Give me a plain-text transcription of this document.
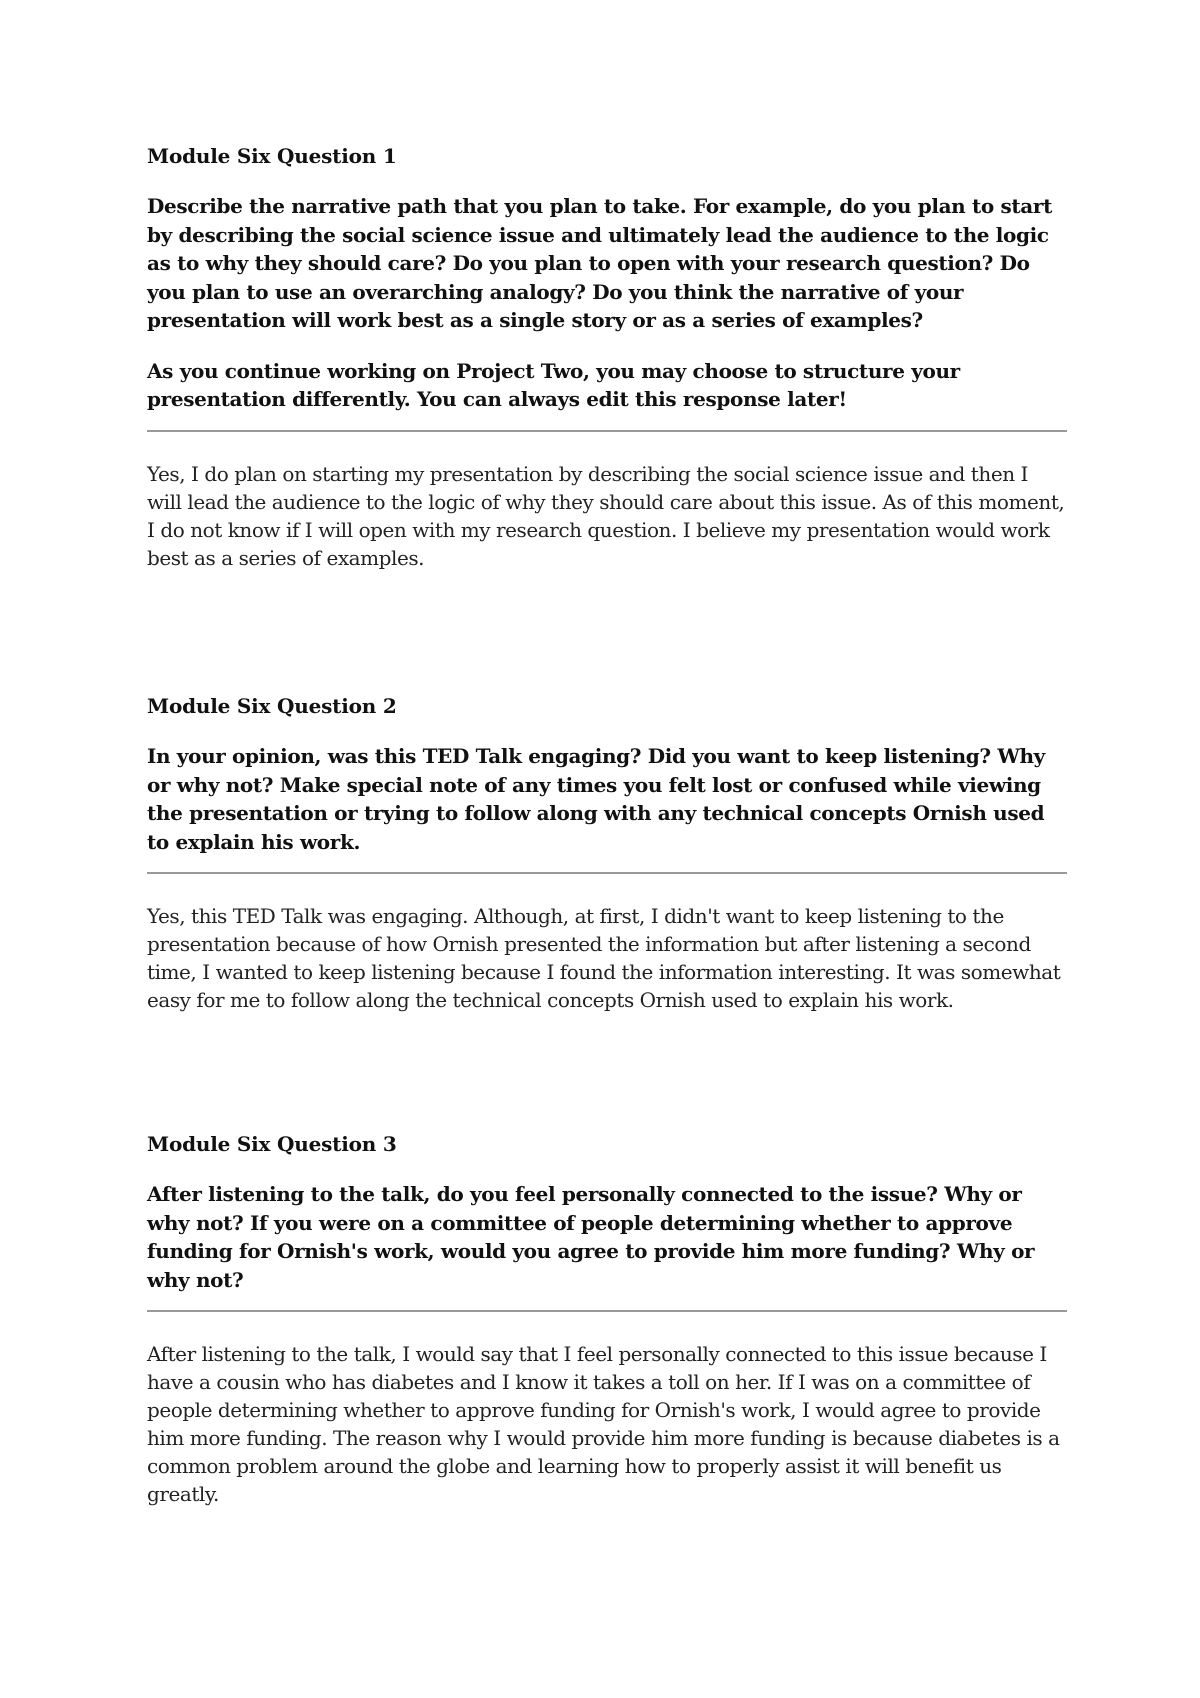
Module Six Question 1

Describe the narrative path that you plan to take. For example, do you plan to start by describing the social science issue and ultimately lead the audience to the logic as to why they should care? Do you plan to open with your research question? Do you plan to use an overarching analogy? Do you think the narrative of your presentation will work best as a single story or as a series of examples?

As you continue working on Project Two, you may choose to structure your presentation differently. You can always edit this response later!

Yes, I do plan on starting my presentation by describing the social science issue and then I will lead the audience to the logic of why they should care about this issue. As of this moment, I do not know if I will open with my research question. I believe my presentation would work best as a series of examples.

Module Six Question 2

In your opinion, was this TED Talk engaging? Did you want to keep listening? Why or why not? Make special note of any times you felt lost or confused while viewing the presentation or trying to follow along with any technical concepts Ornish used to explain his work.

Yes, this TED Talk was engaging. Although, at first, I didn't want to keep listening to the presentation because of how Ornish presented the information but after listening a second time, I wanted to keep listening because I found the information interesting. It was somewhat easy for me to follow along the technical concepts Ornish used to explain his work.

Module Six Question 3

After listening to the talk, do you feel personally connected to the issue? Why or why not? If you were on a committee of people determining whether to approve funding for Ornish's work, would you agree to provide him more funding? Why or why not?

After listening to the talk, I would say that I feel personally connected to this issue because I have a cousin who has diabetes and I know it takes a toll on her. If I was on a committee of people determining whether to approve funding for Ornish's work, I would agree to provide him more funding. The reason why I would provide him more funding is because diabetes is a common problem around the globe and learning how to properly assist it will benefit us greatly.
